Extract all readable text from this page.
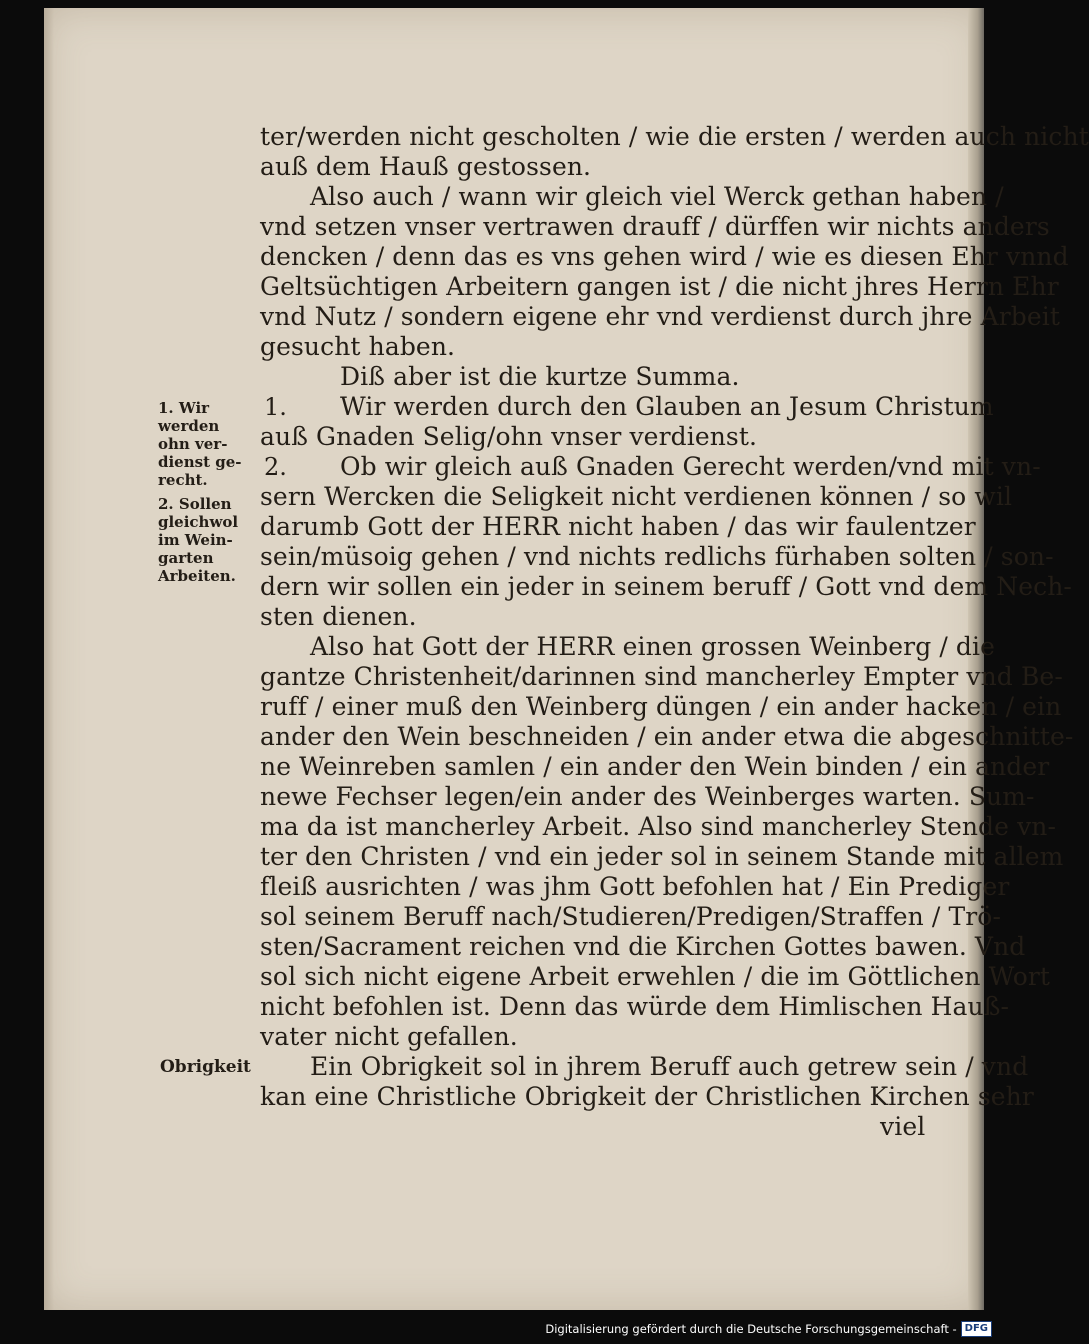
ter/werden nicht gescholten / wie die ersten / werden auch nicht
auß dem Hauß gestossen.
Also auch / wann wir gleich viel Werck gethan haben /
vnd setzen vnser vertrawen drauff / dürffen wir nichts anders
dencken / denn das es vns gehen wird / wie es diesen Ehr vnnd
Geltsüchtigen Arbeitern gangen ist / die nicht jhres Herrn Ehr
vnd Nutz / sondern eigene ehr vnd verdienst durch jhre Arbeit
gesucht haben.
Diß aber ist die kurtze Summa.
1. Wir werden durch den Glauben an Jesum Christum
auß Gnaden Selig/ohn vnser verdienst.
2. Ob wir gleich auß Gnaden Gerecht werden/vnd mit vn-
sern Wercken die Seligkeit nicht verdienen können / so wil
darumb Gott der HERR nicht haben / das wir faulentzer
sein/müsoig gehen / vnd nichts redlichs fürhaben solten / son-
dern wir sollen ein jeder in seinem beruff / Gott vnd dem Nech-
sten dienen.
Also hat Gott der HERR einen grossen Weinberg / die
gantze Christenheit/darinnen sind mancherley Empter vnd Be-
ruff / einer muß den Weinberg düngen / ein ander hacken / ein
ander den Wein beschneiden / ein ander etwa die abgeschnitte-
ne Weinreben samlen / ein ander den Wein binden / ein ander
newe Fechser legen/ein ander des Weinberges warten. Sum-
ma da ist mancherley Arbeit. Also sind mancherley Stende vn-
ter den Christen / vnd ein jeder sol in seinem Stande mit allem
fleiß ausrichten / was jhm Gott befohlen hat / Ein Prediger
sol seinem Beruff nach/Studieren/Predigen/Straffen / Trö-
sten/Sacrament reichen vnd die Kirchen Gottes bawen. Vnd
sol sich nicht eigene Arbeit erwehlen / die im Göttlichen Wort
nicht befohlen ist. Denn das würde dem Himlischen Hauß-
vater nicht gefallen.
Obrigkeit Ein Obrigkeit sol in jhrem Beruff auch getrew sein / vnd
kan eine Christliche Obrigkeit der Christlichen Kirchen sehr
viel
1. Wir
werden
ohn ver-
dienst ge-
recht.
2. Sollen
gleichwol
im Wein-
garten
Arbeiten.
Digitalisierung gefördert durch die Deutsche Forschungsgemeinschaft - DFG
